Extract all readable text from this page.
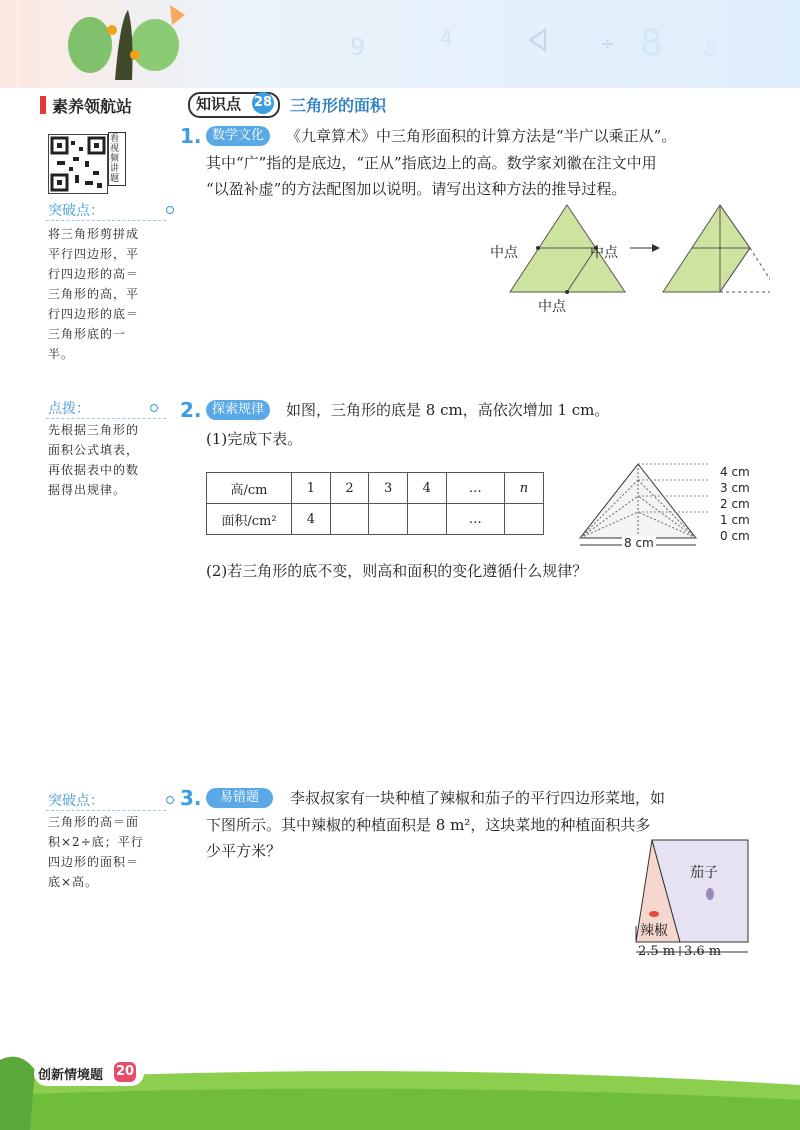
9	4	÷ 8 ♫
素养领航站
看视频讲题
突破点：
将三角形剪拼成
平行四边形，平
行四边形的高＝
三角形的高，平
行四边形的底＝
三角形底的一
半。
点拨：
先根据三角形的
面积公式填表，
再依据表中的数
据得出规律。
突破点：
三角形的高＝面
积×2÷底；平行
四边形的面积＝
底×高。
知识点 28 三角形的面积
1. 数学文化	《九章算术》中三角形面积的计算方法是“半广以乘正从”。
其中“广”指的是底边，“正从”指底边上的高。数学家刘徽在注文中用
“以盈补虚”的方法配图加以说明。请写出这种方法的推导过程。
中点	中点
中点
2. 探索规律	如图，三角形的底是 8 cm，高依次增加 1 cm。
(1)完成下表。
高/cm	1	2	3	4	…	n
面积/cm²	4				…	
4 cm
3 cm
2 cm
1 cm
0 cm
8 cm
(2)若三角形的底不变，则高和面积的变化遵循什么规律？
3.	易错题	李叔叔家有一块种植了辣椒和茄子的平行四边形菜地，如
下图所示。其中辣椒的种植面积是 8 m²，这块菜地的种植面积共多
少平方米？
茄子
辣椒
2.5 m 3.6 m
创新情境题 20
